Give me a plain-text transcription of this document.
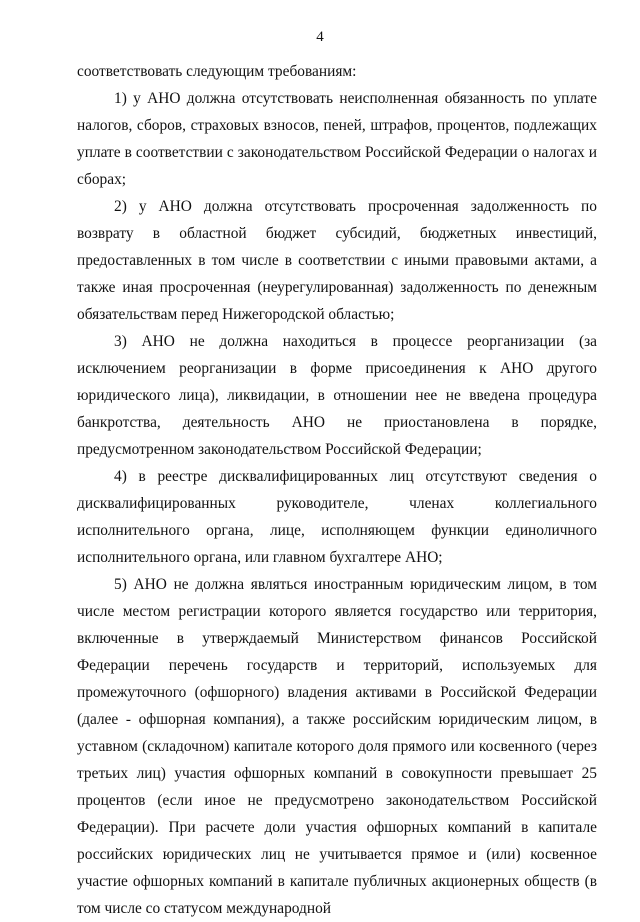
4

соответствовать следующим требованиям:

1) у АНО должна отсутствовать неисполненная обязанность по уплате налогов, сборов, страховых взносов, пеней, штрафов, процентов, подлежащих уплате в соответствии с законодательством Российской Федерации о налогах и сборах;

2) у АНО должна отсутствовать просроченная задолженность по возврату в областной бюджет субсидий, бюджетных инвестиций, предоставленных в том числе в соответствии с иными правовыми актами, а также иная просроченная (неурегулированная) задолженность по денежным обязательствам перед Нижегородской областью;

3) АНО не должна находиться в процессе реорганизации (за исключением реорганизации в форме присоединения к АНО другого юридического лица), ликвидации, в отношении нее не введена процедура банкротства, деятельность АНО не приостановлена в порядке, предусмотренном законодательством Российской Федерации;

4) в реестре дисквалифицированных лиц отсутствуют сведения о дисквалифицированных руководителе, членах коллегиального исполнительного органа, лице, исполняющем функции единоличного исполнительного органа, или главном бухгалтере АНО;

5) АНО не должна являться иностранным юридическим лицом, в том числе местом регистрации которого является государство или территория, включенные в утверждаемый Министерством финансов Российской Федерации перечень государств и территорий, используемых для промежуточного (офшорного) владения активами в Российской Федерации (далее - офшорная компания), а также российским юридическим лицом, в уставном (складочном) капитале которого доля прямого или косвенного (через третьих лиц) участия офшорных компаний в совокупности превышает 25 процентов (если иное не предусмотрено законодательством Российской Федерации). При расчете доли участия офшорных компаний в капитале российских юридических лиц не учитывается прямое и (или) косвенное участие офшорных компаний в капитале публичных акционерных обществ (в том числе со статусом международной
